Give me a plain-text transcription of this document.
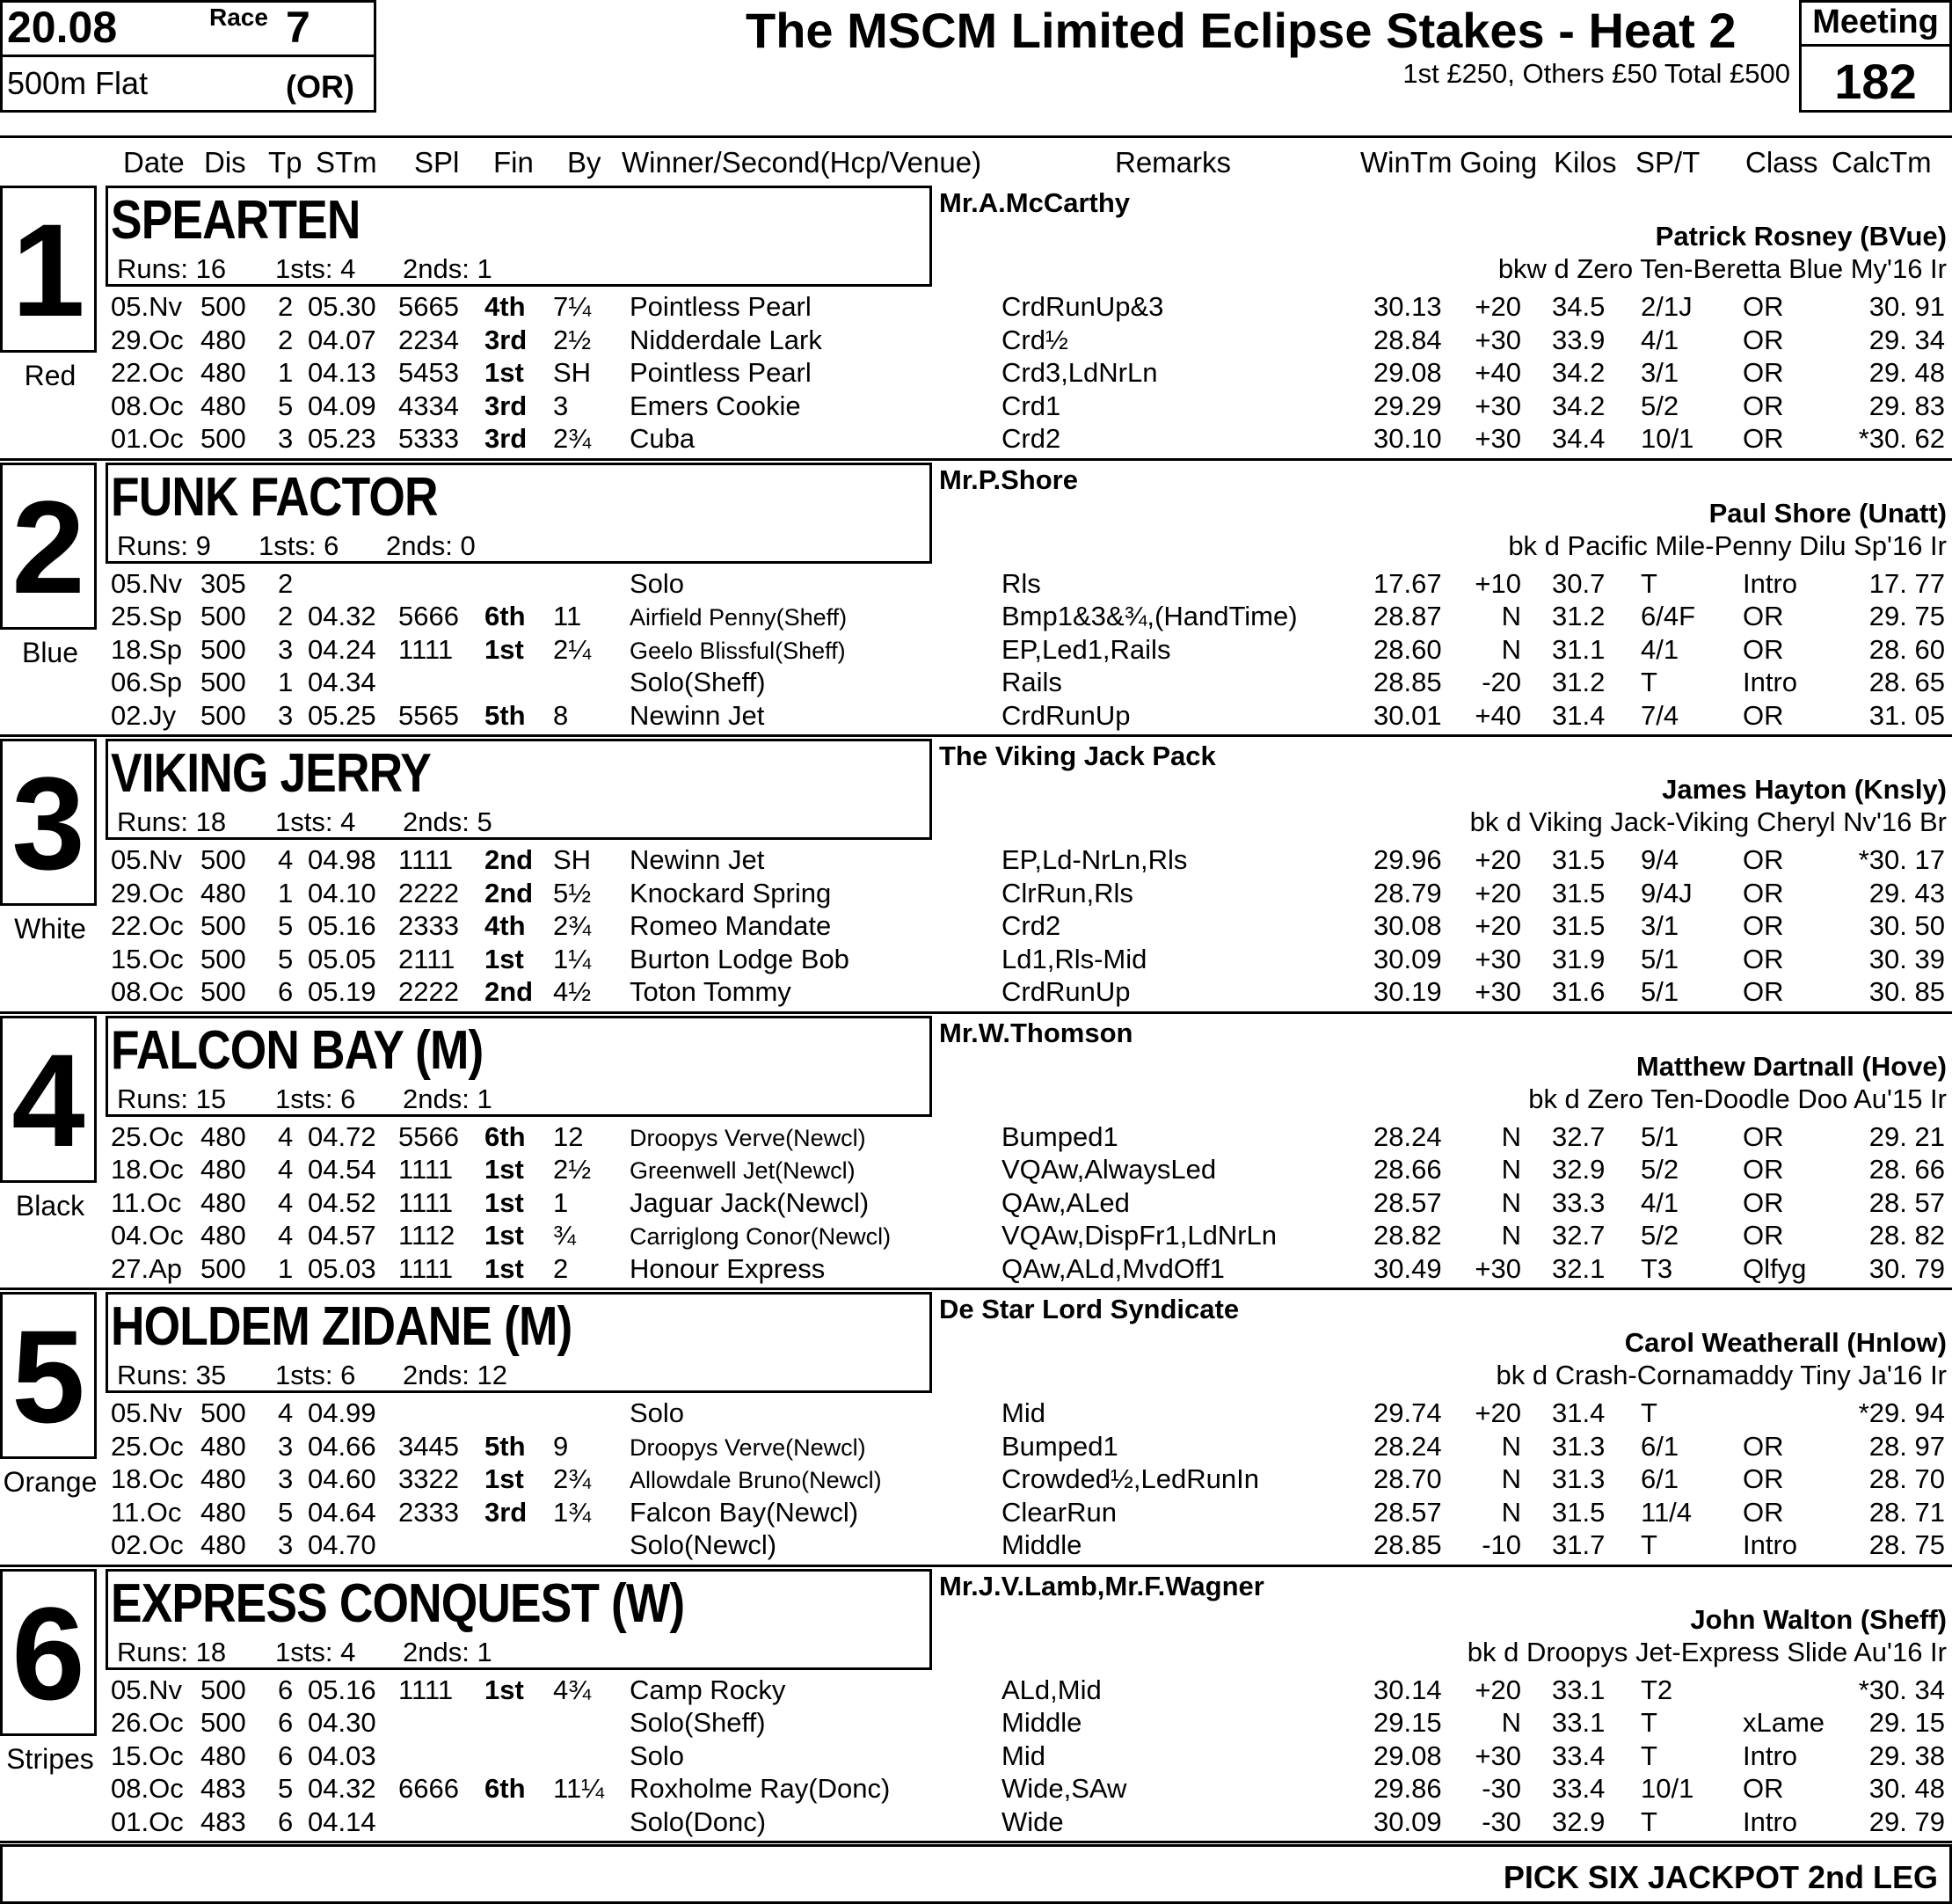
20.08	Race 7
500m Flat	(OR)
The MSCM Limited Eclipse Stakes - Heat 2
1st £250, Others £50 Total £500
Meeting
182
Date Dis Tp STm SPl Fin By Winner/Second(Hcp/Venue)	Remarks	WinTm Going Kilos SP/T Class CalcTm
1
Red
SPEARTEN
Runs: 16 1sts: 4 2nds: 1
Mr.A.McCarthy
Patrick Rosney (BVue)
bkw d Zero Ten-Beretta Blue My'16 Ir
05.Nv 500 2 05.30 5665 4th 7¼ Pointless Pearl	CrdRunUp&3	30.13 +20 34.5 2/1J OR	30. 91
29.Oc 480 2 04.07 2234 3rd 2½ Nidderdale Lark	Crd½	28.84 +30 33.9 4/1 OR	29. 34
22.Oc 480 1 04.13 5453 1st SH Pointless Pearl	Crd3,LdNrLn	29.08 +40 34.2 3/1 OR	29. 48
08.Oc 480 5 04.09 4334 3rd 3 Emers Cookie	Crd1	29.29 +30 34.2 5/2 OR	29. 83
01.Oc 500 3 05.23 5333 3rd 2¾ Cuba	Crd2	30.10 +30 34.4 10/1 OR	*30. 62
2
Blue
FUNK FACTOR
Runs: 9 1sts: 6 2nds: 0
Mr.P.Shore
Paul Shore (Unatt)
bk d Pacific Mile-Penny Dilu Sp'16 Ir
05.Nv 305 2	Solo	Rls	17.67 +10 30.7 T	Intro	17. 77
25.Sp 500 2 04.32 5666 6th 11 Airfield Penny(Sheff)	Bmp1&3&¾,(HandTime)	28.87 N 31.2 6/4F OR	29. 75
18.Sp 500 3 04.24 1111 1st 2¼ Geelo Blissful(Sheff)	EP,Led1,Rails	28.60 N 31.1 4/1 OR	28. 60
06.Sp 500 1 04.34	Solo(Sheff)	Rails	28.85 -20 31.2 T	Intro	28. 65
02.Jy 500 3 05.25 5565 5th 8 Newinn Jet	CrdRunUp	30.01 +40 31.4 7/4 OR	31. 05
3
White
VIKING JERRY
Runs: 18 1sts: 4 2nds: 5
The Viking Jack Pack
James Hayton (Knsly)
bk d Viking Jack-Viking Cheryl Nv'16 Br
05.Nv 500 4 04.98 1111 2nd SH Newinn Jet	EP,Ld-NrLn,Rls	29.96 +20 31.5 9/4 OR	*30. 17
29.Oc 480 1 04.10 2222 2nd 5½ Knockard Spring	ClrRun,Rls	28.79 +20 31.5 9/4J OR	29. 43
22.Oc 500 5 05.16 2333 4th 2¾ Romeo Mandate	Crd2	30.08 +20 31.5 3/1 OR	30. 50
15.Oc 500 5 05.05 2111 1st 1¼ Burton Lodge Bob	Ld1,Rls-Mid	30.09 +30 31.9 5/1 OR	30. 39
08.Oc 500 6 05.19 2222 2nd 4½ Toton Tommy	CrdRunUp	30.19 +30 31.6 5/1 OR	30. 85
4
Black
FALCON BAY (M)
Runs: 15 1sts: 6 2nds: 1
Mr.W.Thomson
Matthew Dartnall (Hove)
bk d Zero Ten-Doodle Doo Au'15 Ir
25.Oc 480 4 04.72 5566 6th 12 Droopys Verve(Newcl)	Bumped1	28.24 N 32.7 5/1 OR	29. 21
18.Oc 480 4 04.54 1111 1st 2½ Greenwell Jet(Newcl)	VQAw,AlwaysLed	28.66 N 32.9 5/2 OR	28. 66
11.Oc 480 4 04.52 1111 1st 1 Jaguar Jack(Newcl)	QAw,ALed	28.57 N 33.3 4/1 OR	28. 57
04.Oc 480 4 04.57 1112 1st ¾ Carriglong Conor(Newcl)	VQAw,DispFr1,LdNrLn	28.82 N 32.7 5/2 OR	28. 82
27.Ap 500 1 05.03 1111 1st 2 Honour Express	QAw,ALd,MvdOff1	30.49 +30 32.1 T3	Qlfyg 30. 79
5
Orange
HOLDEM ZIDANE (M)
Runs: 35 1sts: 6 2nds: 12
De Star Lord Syndicate
Carol Weatherall (Hnlow)
bk d Crash-Cornamaddy Tiny Ja'16 Ir
05.Nv 500 4 04.99	Solo	Mid	29.74 +20 31.4 T	*29. 94
25.Oc 480 3 04.66 3445 5th 9	Droopys Verve(Newcl)	Bumped1	28.24 N 31.3 6/1 OR	28. 97
18.Oc 480 3 04.60 3322 1st 2¾ Allowdale Bruno(Newcl)	Crowded½,LedRunIn	28.70 N 31.3 6/1 OR	28. 70
11.Oc 480 5 04.64 2333 3rd 1¾ Falcon Bay(Newcl)	ClearRun	28.57 N 31.5 11/4 OR	28. 71
02.Oc 480 3 04.70	Solo(Newcl)	Middle	28.85 -10 31.7 T	Intro	28. 75
6
Stripes
EXPRESS CONQUEST (W)
Runs: 18 1sts: 4 2nds: 1
Mr.J.V.Lamb,Mr.F.Wagner
John Walton (Sheff)
bk d Droopys Jet-Express Slide Au'16 Ir
05.Nv 500 6 05.16 1111 1st 4¾ Camp Rocky	ALd,Mid	30.14 +20 33.1 T2	*30. 34
26.Oc 500 6 04.30	Solo(Sheff)	Middle	29.15 N 33.1 T	xLame 29. 15
15.Oc 480 6 04.03	Solo	Mid	29.08 +30 33.4 T	Intro	29. 38
08.Oc 483 5 04.32 6666 6th 11¼ Roxholme Ray(Donc)	Wide,SAw	29.86 -30 33.4 10/1 OR	30. 48
01.Oc 483 6 04.14	Solo(Donc)	Wide	30.09 -30 32.9 T	Intro	29. 79
PICK SIX JACKPOT 2nd LEG
